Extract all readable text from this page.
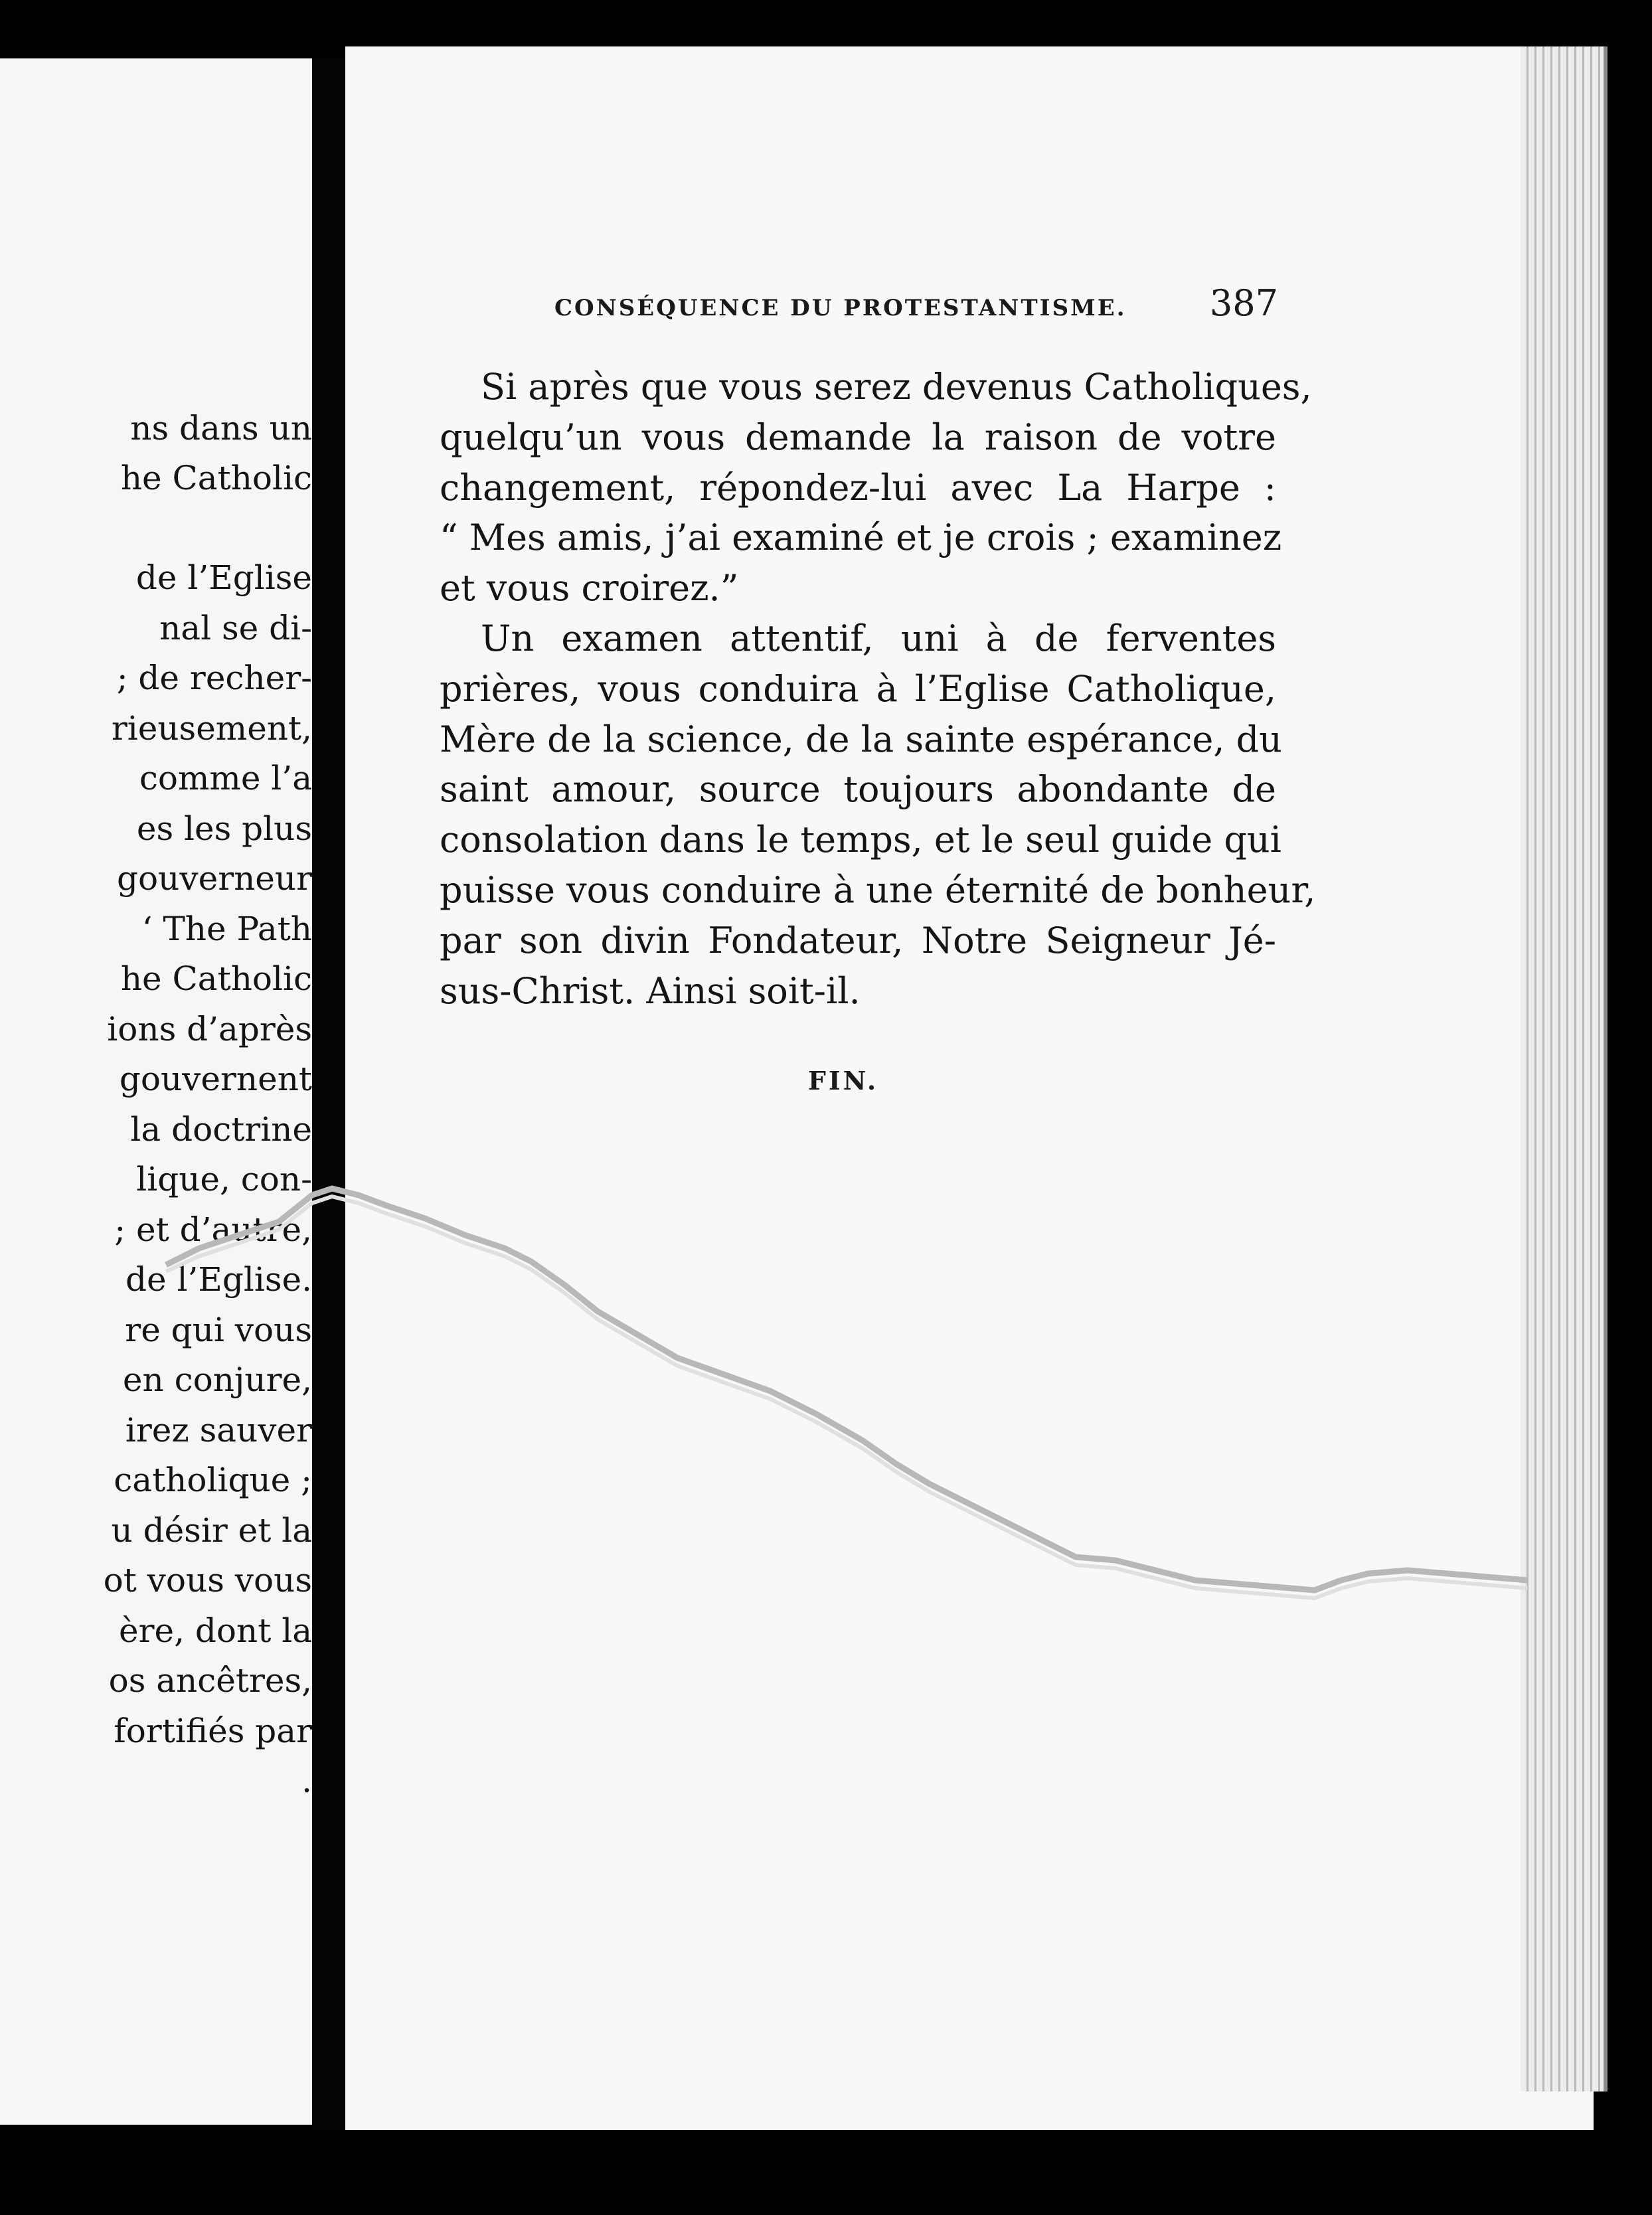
ns dans un
he Catholic
de l’Eglise
nal se di-
; de recher-
rieusement,
comme l’a
es les plus
gouverneur
‘ The Path
he Catholic
ions d’après
gouvernent
la doctrine
lique, con-
; et d’autre,
de l’Eglise.
re qui vous
en conjure,
irez sauver
catholique ;
u désir et la
ot vous vous
ère, dont la
os ancêtres,
fortifiés par
.
CONSÉQUENCE DU PROTESTANTISME. 387
Si après que vous serez devenus Catholiques,
quelqu’un vous demande la raison de votre
changement, répondez-lui avec La Harpe :
“ Mes amis, j’ai examiné et je crois ; examinez
et vous croirez.”
Un examen attentif, uni à de ferventes
prières, vous conduira à l’Eglise Catholique,
Mère de la science, de la sainte espérance, du
saint amour, source toujours abondante de
consolation dans le temps, et le seul guide qui
puisse vous conduire à une éternité de bonheur,
par son divin Fondateur, Notre Seigneur Jé-
sus-Christ. Ainsi soit-il.
FIN.
